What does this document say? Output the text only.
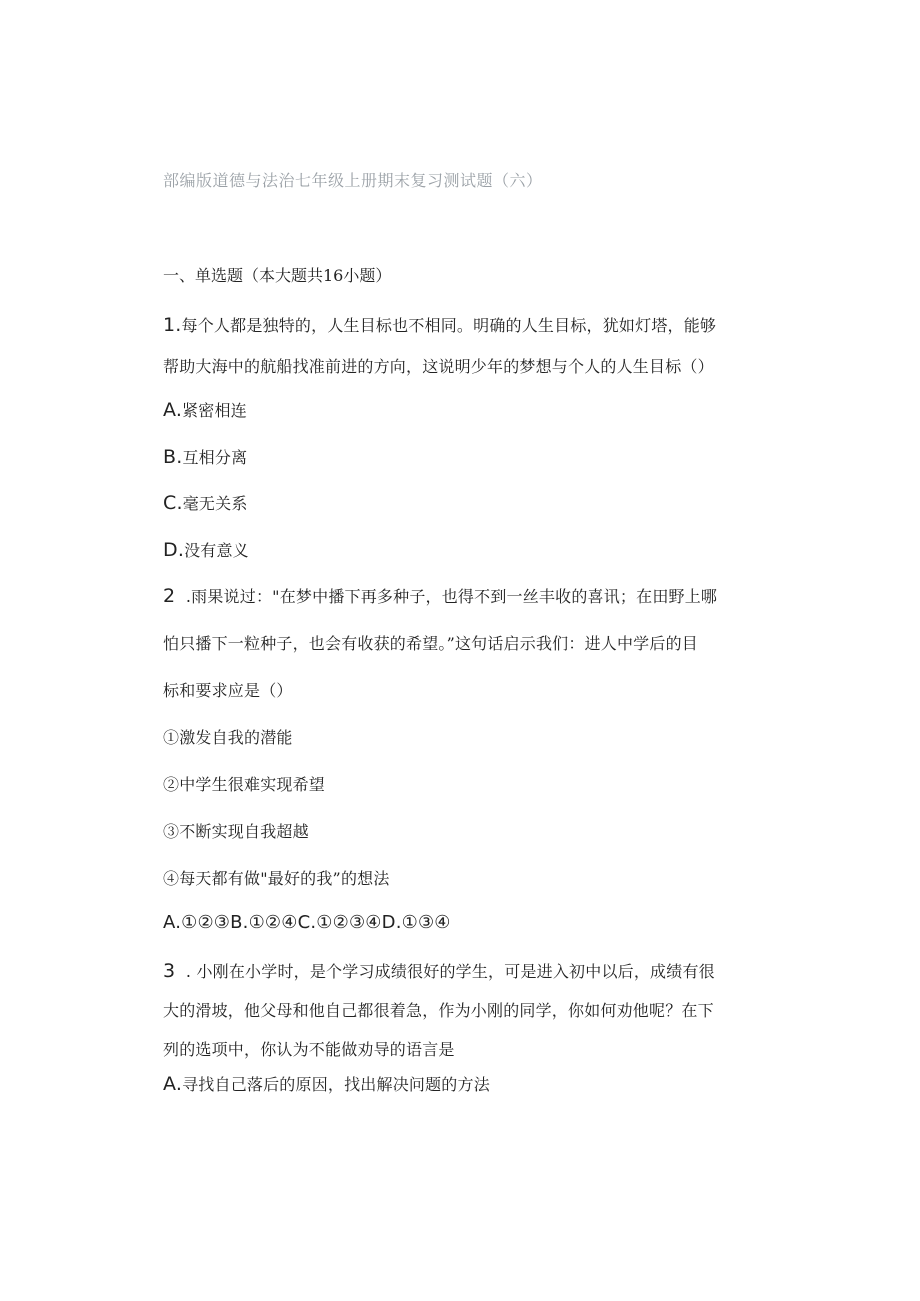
部编版道德与法治七年级上册期末复习测试题（六）
一、单选题（本大题共16小题）
1.每个人都是独特的，人生目标也不相同。明确的人生目标，犹如灯塔，能够
帮助大海中的航船找准前进的方向，这说明少年的梦想与个人的人生目标（）
A.紧密相连
B.互相分离
C.毫无关系
D.没有意义
2 .雨果说过："在梦中播下再多种子，也得不到一丝丰收的喜讯；在田野上哪
怕只播下一粒种子，也会有收获的希望。”这句话启示我们：进人中学后的目
标和要求应是（）
①激发自我的潜能
②中学生很难实现希望
③不断实现自我超越
④每天都有做"最好的我”的想法
A.①②③B.①②④C.①②③④D.①③④
3 . 小刚在小学时，是个学习成绩很好的学生，可是进入初中以后，成绩有很
大的滑坡，他父母和他自己都很着急，作为小刚的同学，你如何劝他呢？在下
列的选项中，你认为不能做劝导的语言是
A.寻找自己落后的原因，找出解决问题的方法
